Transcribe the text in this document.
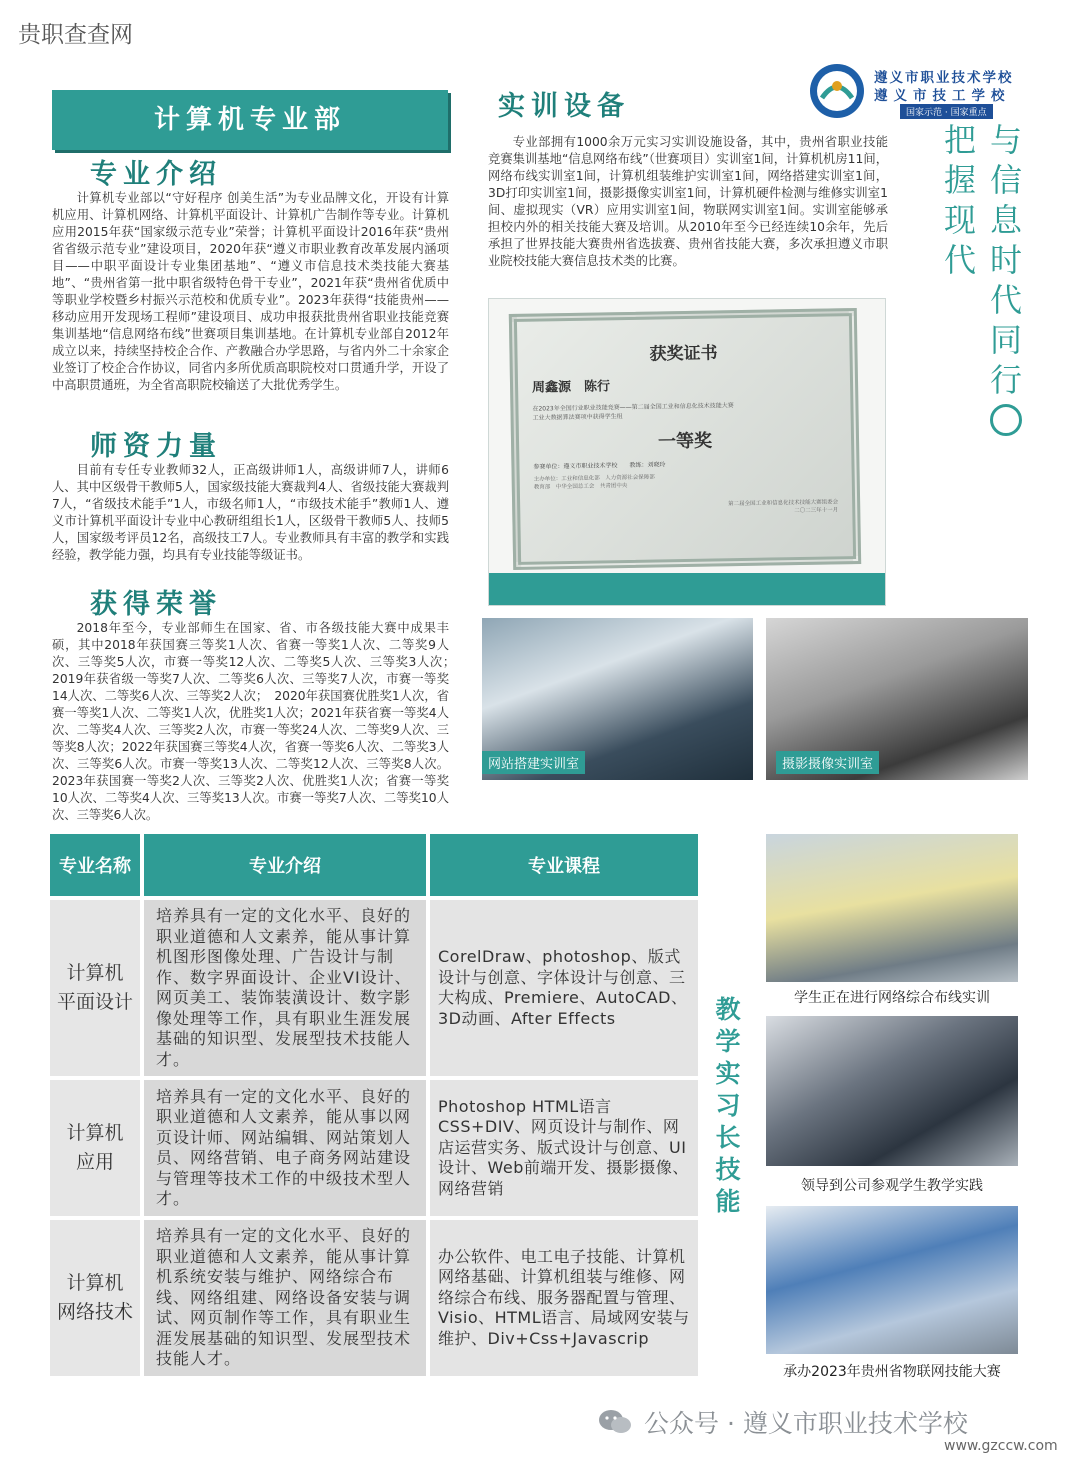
贵职查查网
遵义市职业技术学校
遵义市技工学校
国家示范 · 国家重点
把
握
现
代
与
信
息
时
代
同
行
计算机专业部
专业介绍
计算机专业部以“守好程序 创美生活”为专业品牌文化，开设有计算机应用、计算机网络、计算机平面设计、计算机广告制作等专业。计算机应用2015年获“国家级示范专业”荣誉；计算机平面设计2016年获“贵州省省级示范专业”建设项目，2020年获“遵义市职业教育改革发展内涵项目——中职平面设计专业集团基地”、“遵义市信息技术类技能大赛基地”、“贵州省第一批中职省级特色骨干专业”，2021年获“贵州省优质中等职业学校暨乡村振兴示范校和优质专业”。2023年获得“技能贵州——移动应用开发现场工程师”建设项目、成功申报获批贵州省职业技能竞赛集训基地“信息网络布线”世赛项目集训基地。在计算机专业部自2012年成立以来，持续坚持校企合作、产教融合办学思路，与省内外二十余家企业签订了校企合作协议，同省内多所优质高职院校对口贯通升学，开设了中高职贯通班，为全省高职院校输送了大批优秀学生。
师资力量
目前有专任专业教师32人，正高级讲师1人，高级讲师7人，讲师6人、其中区级骨干教师5人，国家级技能大赛裁判4人、省级技能大赛裁判7人，“省级技术能手”1人，市级名师1人，“市级技术能手”教师1人、遵义市计算机平面设计专业中心教研组组长1人，区级骨干教师5人、技师5人，国家级考评员12名，高级技工7人。专业教师具有丰富的教学和实践经验，教学能力强，均具有专业技能等级证书。
获得荣誉
2018年至今，专业部师生在国家、省、市各级技能大赛中成果丰硕，其中2018年获国赛三等奖1人次、省赛一等奖1人次、二等奖9人次、三等奖5人次，市赛一等奖12人次、二等奖5人次、三等奖3人次；　2019年获省级一等奖7人次、二等奖6人次、三等奖7人次，市赛一等奖14人次、二等奖6人次、三等奖2人次；　2020年获国赛优胜奖1人次，省赛一等奖1人次、二等奖1人次，优胜奖1人次；2021年获省赛一等奖4人次、二等奖4人次、三等奖2人次，市赛一等奖24人次、二等奖9人次、三等奖8人次；2022年获国赛三等奖4人次，省赛一等奖6人次、二等奖3人次、三等奖6人次。市赛一等奖13人次、二等奖12人次、三等奖8人次。2023年获国赛一等奖2人次、三等奖2人次、优胜奖1人次；省赛一等奖10人次、二等奖4人次、三等奖13人次。市赛一等奖7人次、二等奖10人次、三等奖6人次。
实训设备
专业部拥有1000余万元实习实训设施设备，其中，贵州省职业技能竞赛集训基地“信息网络布线”（世赛项目）实训室1间，计算机机房11间，网络布线实训室1间，计算机组装维护实训室1间，网络搭建实训室1间，3D打印实训室1间，摄影摄像实训室1间，计算机硬件检测与维修实训室1间、虚拟现实（VR）应用实训室1间，物联网实训室1间。实训室能够承担校内外的相关技能大赛及培训。从2010年至今已经连续10余年，先后承担了世界技能大赛贵州省选拔赛、贵州省技能大赛，多次承担遵义市职业院校技能大赛信息技术类的比赛。
获奖证书
周鑫源　陈行
在2023年全国行业职业技能竞赛——第二届全国工业和信息化技术技能大赛
工业大数据算法赛项中获得学生组
一等奖
参赛单位：遵义市职业技术学校　　教练：刘晓玲
主办单位：工业和信息化部　人力资源社会保障部
教育部　中华全国总工会　共青团中央
第二届全国工业和信息化技术技能大赛组委会
二〇二三年十一月
网站搭建实训室	摄影摄像实训室
专业名称	专业介绍	专业课程

计算机
平面设计	培养具有一定的文化水平、良好的职业道德和人文素养，能从事计算机图形图像处理、广告设计与制作、数字界面设计、企业VI设计、网页美工、装饰装潢设计、数字影像处理等工作，具有职业生涯发展基础的知识型、发展型技术技能人才。	CorelDraw、photoshop、版式设计与创意、字体设计与创意、三大构成、Premiere、AutoCAD、3D动画、After Effects

计算机
应用	培养具有一定的文化水平、良好的职业道德和人文素养，能从事以网页设计师、网站编辑、网站策划人员、网络营销、电子商务网站建设与管理等技术工作的中级技术型人才。	Photoshop HTML语言 CSS+DIV、网页设计与制作、网店运营实务、版式设计与创意、UI设计、Web前端开发、摄影摄像、网络营销

计算机
网络技术	培养具有一定的文化水平、良好的职业道德和人文素养，能从事计算机系统安装与维护、网络综合布线、网络组建、网络设备安装与调试、网页制作等工作，具有职业生涯发展基础的知识型、发展型技术技能人才。	办公软件、电工电子技能、计算机网络基础、计算机组装与维修、网络综合布线、服务器配置与管理、Visio、HTML语言、局域网安装与维护、Div+Css+Javascrip
教
学
实
习
长
技
能
学生正在进行网络综合布线实训
领导到公司参观学生教学实践
承办2023年贵州省物联网技能大赛
公众号 · 遵义市职业技术学校
www.gzccw.com
